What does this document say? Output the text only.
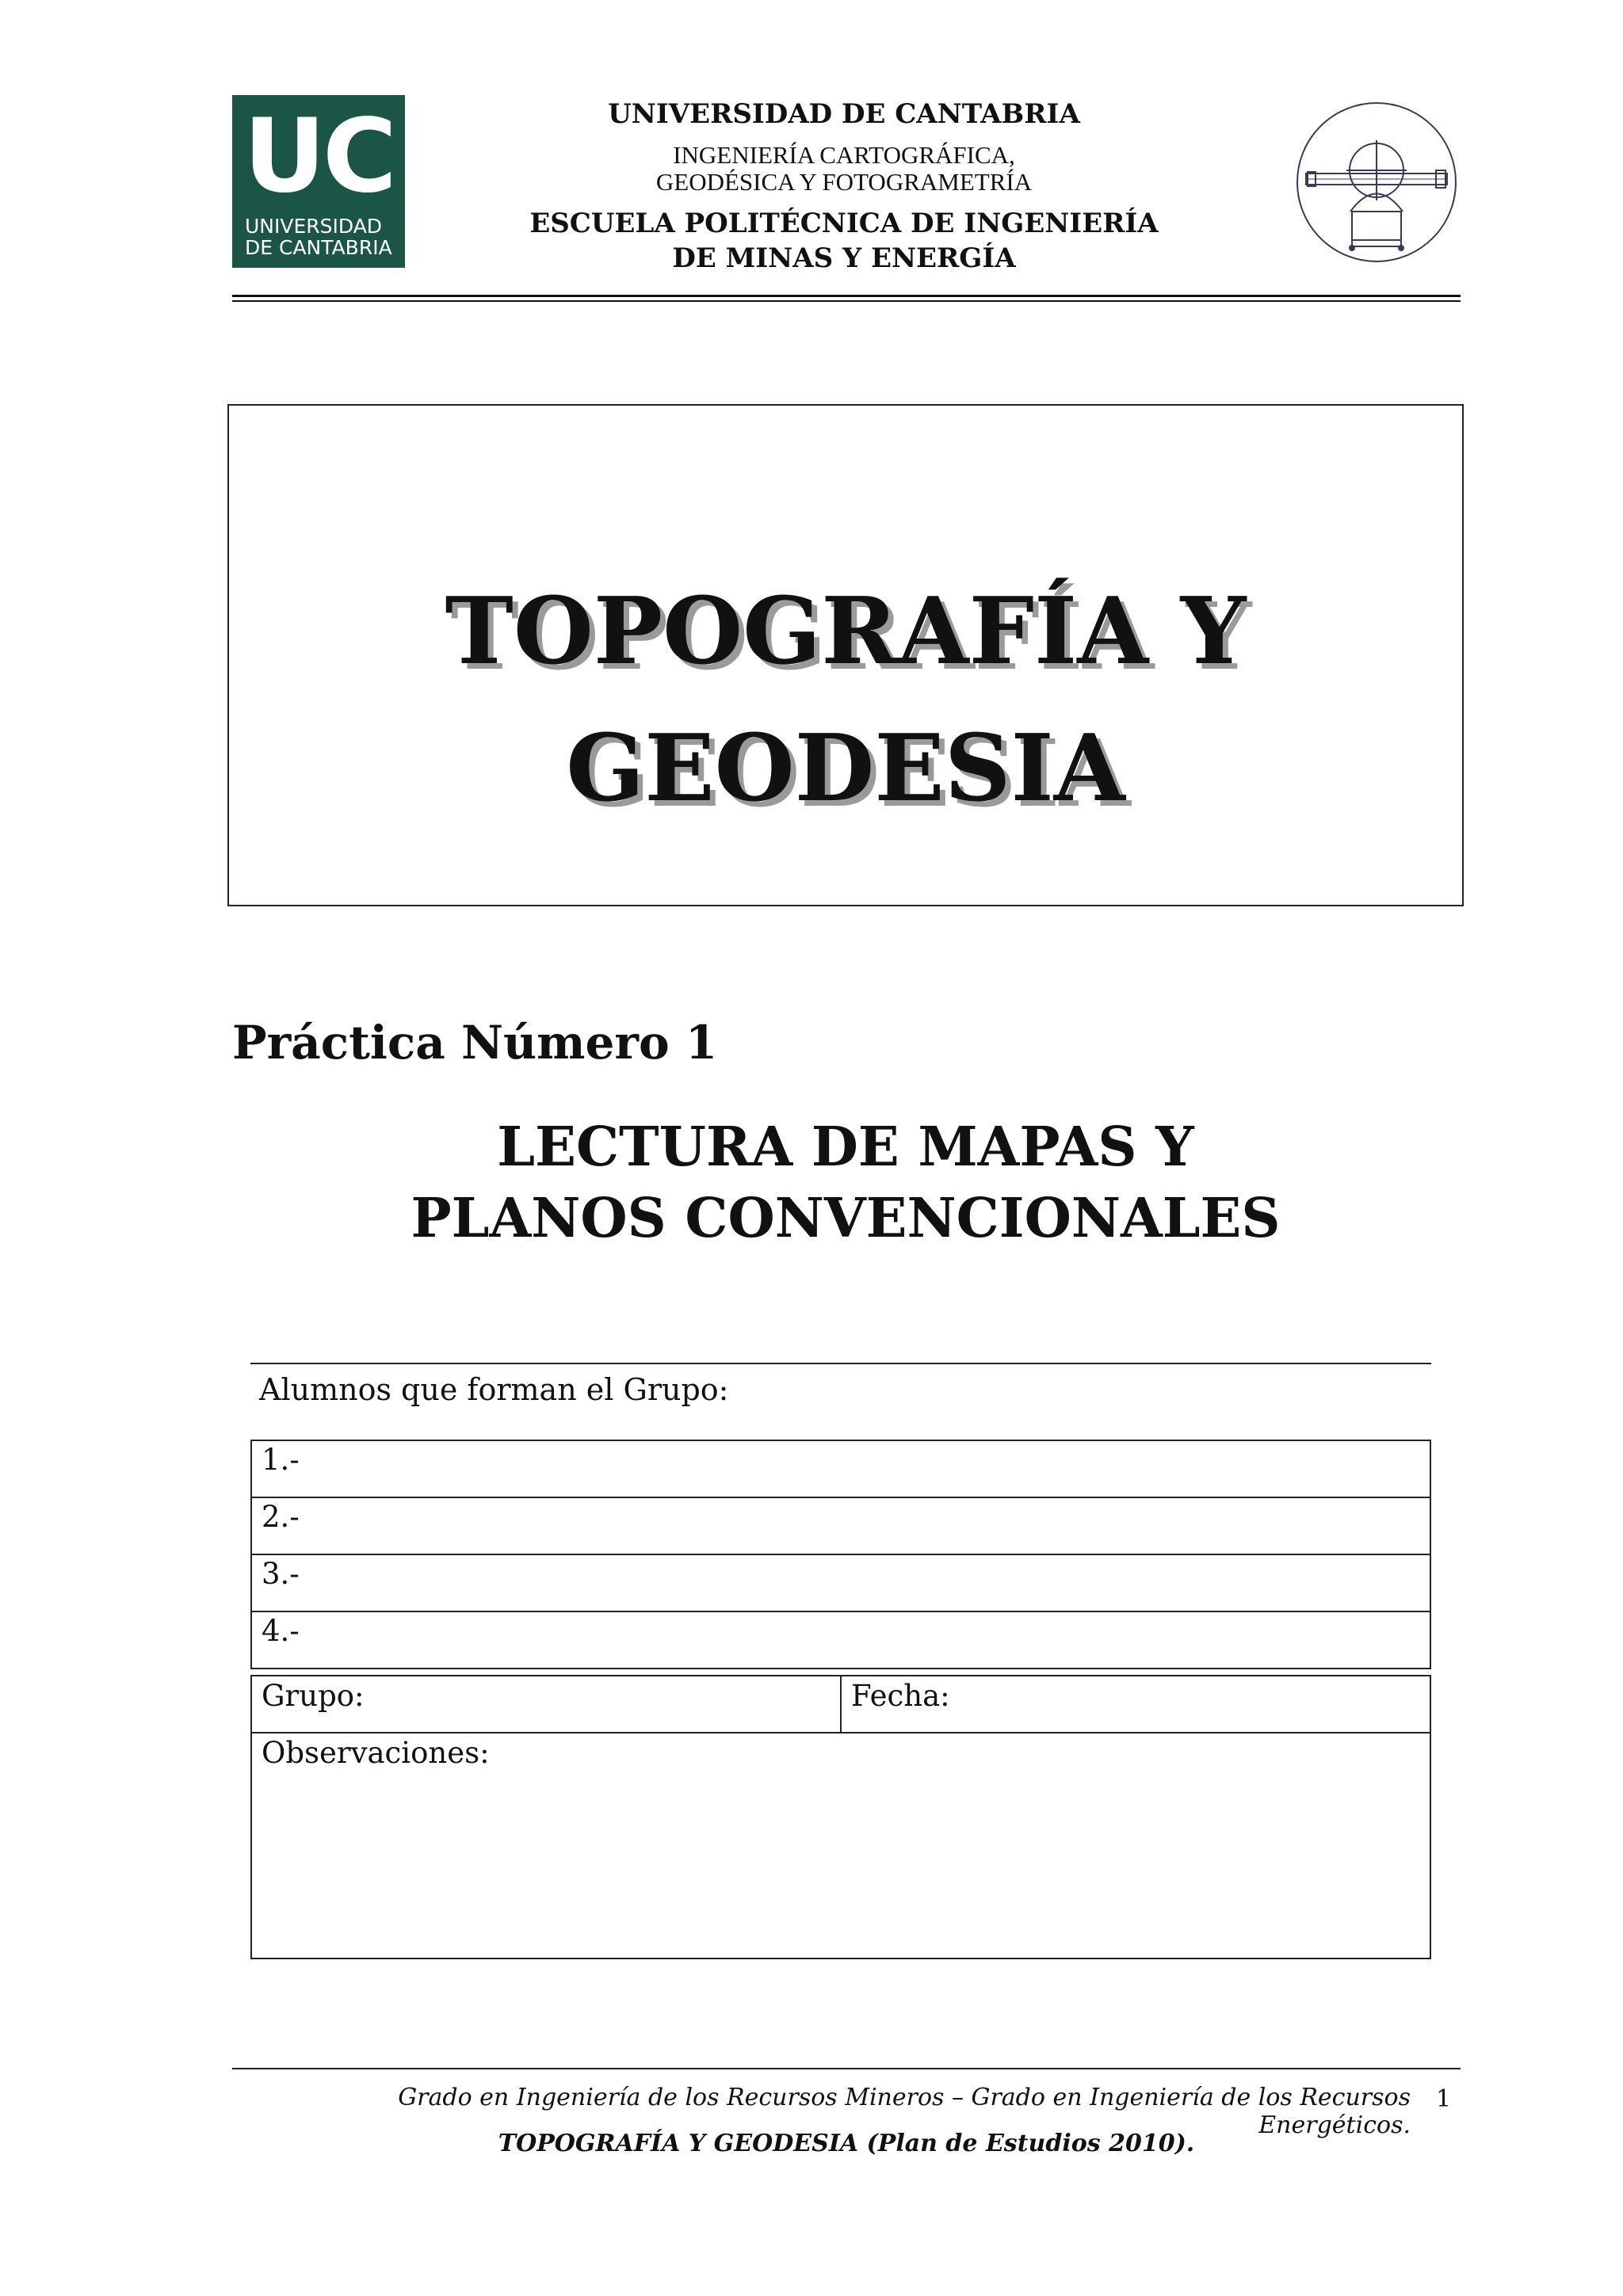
UC
UNIVERSIDAD
DE CANTABRIA
UNIVERSIDAD DE CANTABRIA
INGENIERÍA CARTOGRÁFICA,
GEODÉSICA Y FOTOGRAMETRÍA
ESCUELA POLITÉCNICA DE INGENIERÍA
DE MINAS Y ENERGÍA
TOPOGRAFÍA Y
GEODESIA
Práctica Número 1
LECTURA DE MAPAS Y
PLANOS CONVENCIONALES
Alumnos que forman el Grupo:
1.-
2.-
3.-
4.-
Grupo:	Fecha:
Observaciones:
Grado en Ingeniería de los Recursos Mineros – Grado en Ingeniería de los Recursos Energéticos.
1
TOPOGRAFÍA Y GEODESIA (Plan de Estudios 2010).
